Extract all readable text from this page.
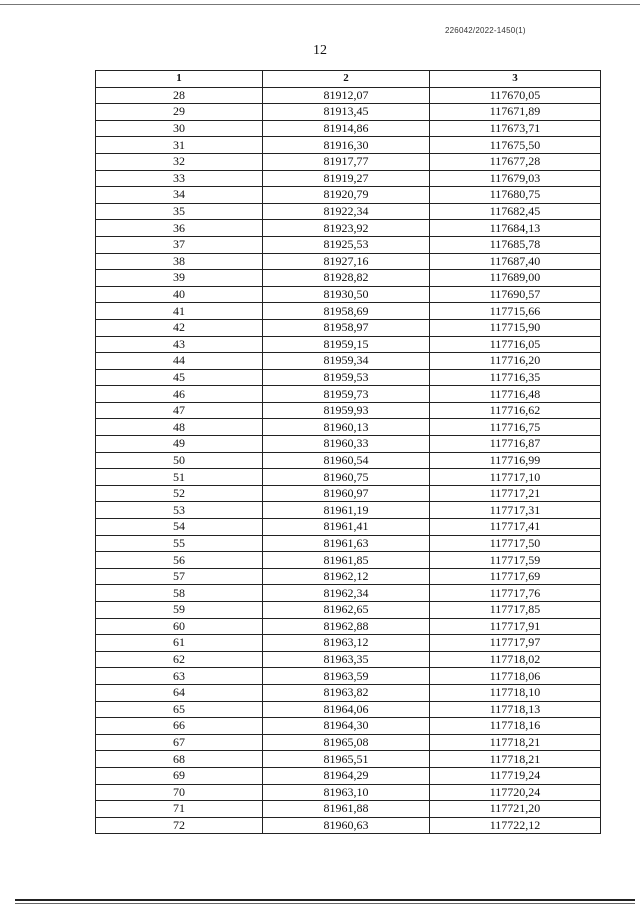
226042/2022-1450(1)
12
1	2	3
28	81912,07	117670,05
29	81913,45	117671,89
30	81914,86	117673,71
31	81916,30	117675,50
32	81917,77	117677,28
33	81919,27	117679,03
34	81920,79	117680,75
35	81922,34	117682,45
36	81923,92	117684,13
37	81925,53	117685,78
38	81927,16	117687,40
39	81928,82	117689,00
40	81930,50	117690,57
41	81958,69	117715,66
42	81958,97	117715,90
43	81959,15	117716,05
44	81959,34	117716,20
45	81959,53	117716,35
46	81959,73	117716,48
47	81959,93	117716,62
48	81960,13	117716,75
49	81960,33	117716,87
50	81960,54	117716,99
51	81960,75	117717,10
52	81960,97	117717,21
53	81961,19	117717,31
54	81961,41	117717,41
55	81961,63	117717,50
56	81961,85	117717,59
57	81962,12	117717,69
58	81962,34	117717,76
59	81962,65	117717,85
60	81962,88	117717,91
61	81963,12	117717,97
62	81963,35	117718,02
63	81963,59	117718,06
64	81963,82	117718,10
65	81964,06	117718,13
66	81964,30	117718,16
67	81965,08	117718,21
68	81965,51	117718,21
69	81964,29	117719,24
70	81963,10	117720,24
71	81961,88	117721,20
72	81960,63	117722,12
